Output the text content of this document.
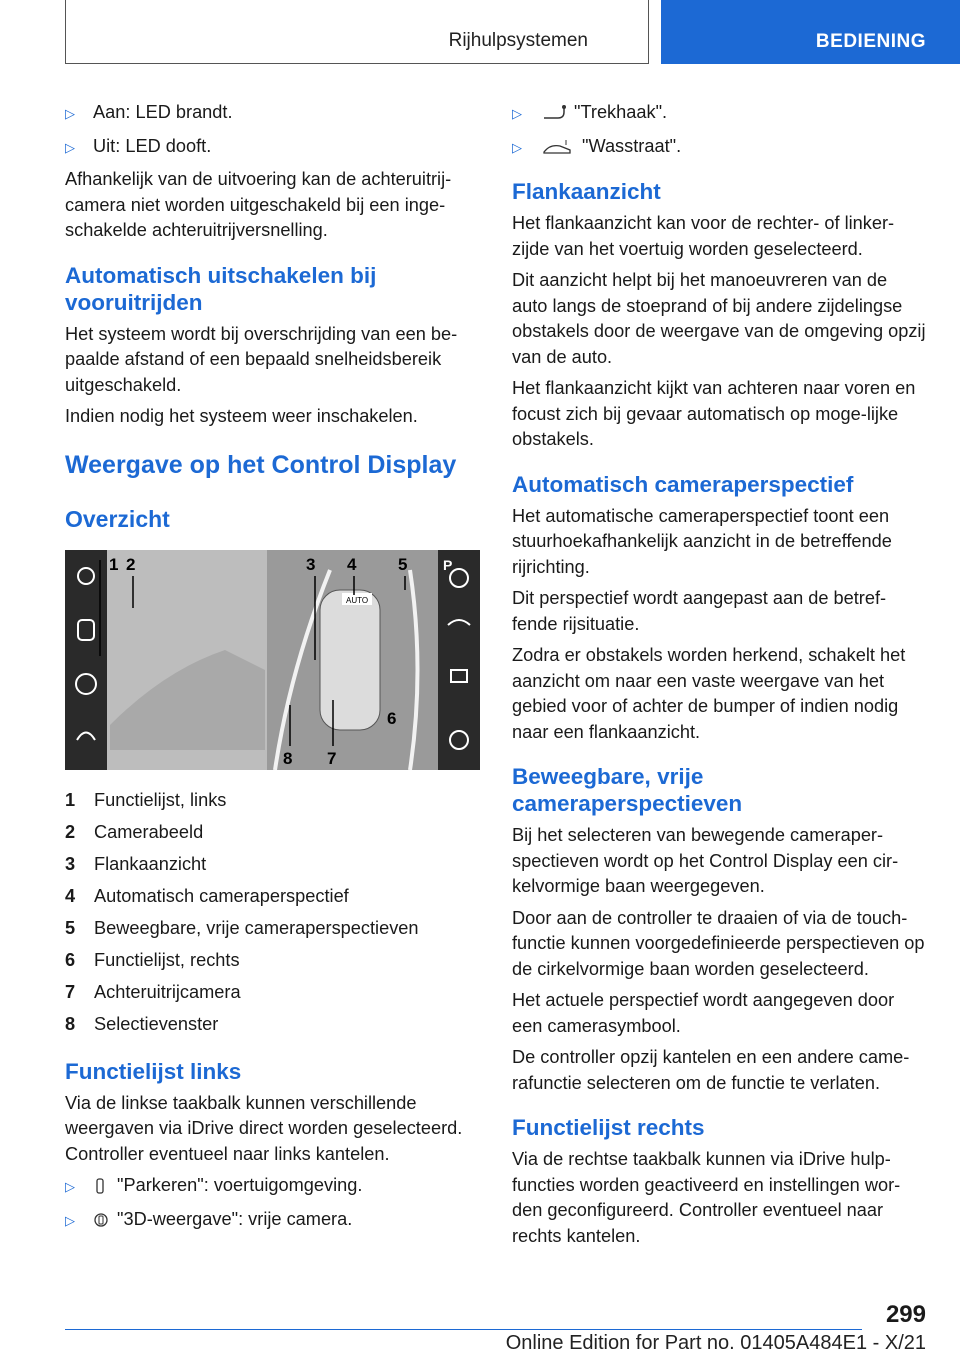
Rijhulpsystemen	BEDIENING
▷ Aan: LED brandt.
▷ Uit: LED dooft.

Afhankelijk van de uitvoering kan de achteruitrij-camera niet worden uitgeschakeld bij een inge-schakelde achteruitrijversnelling.

Automatisch uitschakelen bij vooruitrijden

Het systeem wordt bij overschrijding van een be-paalde afstand of een bepaald snelheidsbereik uitgeschakeld.

Indien nodig het systeem weer inschakelen.

Weergave op het Control Display
Overzicht
AUTO
P
1 2	3 4 5
6
7
8
1	Functielijst, links
2	Camerabeeld
3	Flankaanzicht
4	Automatisch cameraperspectief
5	Beweegbare, vrije cameraperspectieven
6	Functielijst, rechts
7	Achteruitrijcamera
8	Selectievenster
Functielijst links

Via de linkse taakbalk kunnen verschillende weergaven via iDrive direct worden geselecteerd. Controller eventueel naar links kantelen.

▷	"Parkeren": voertuigomgeving.
▷	"3D-weergave": vrije camera.
▷	"Trekhaak".
▷	"Wasstraat".
Flankaanzicht

Het flankaanzicht kan voor de rechter- of linker-zijde van het voertuig worden geselecteerd.

Dit aanzicht helpt bij het manoeuvreren van de auto langs de stoeprand of bij andere zijdelingse obstakels door de weergave van de omgeving opzij van de auto.

Het flankaanzicht kijkt van achteren naar voren en focust zich bij gevaar automatisch op moge-lijke obstakels.

Automatisch cameraperspectief

Het automatische cameraperspectief toont een stuurhoekafhankelijk aanzicht in de betreffende rijrichting.

Dit perspectief wordt aangepast aan de betref-fende rijsituatie.

Zodra er obstakels worden herkend, schakelt het aanzicht om naar een vaste weergave van het gebied voor of achter de bumper of indien nodig naar een flankaanzicht.

Beweegbare, vrije cameraperspectieven

Bij het selecteren van bewegende cameraper-spectieven wordt op het Control Display een cir-kelvormige baan weergegeven.

Door aan de controller te draaien of via de touch-functie kunnen voorgedefinieerde perspectieven op de cirkelvormige baan worden geselecteerd.

Het actuele perspectief wordt aangegeven door een camerasymbool.

De controller opzij kantelen en een andere came-rafunctie selecteren om de functie te verlaten.

Functielijst rechts

Via de rechtse taakbalk kunnen via iDrive hulp-functies worden geactiveerd en instellingen wor-den geconfigureerd. Controller eventueel naar rechts kantelen.

299
Online Edition for Part no. 01405A484E1 - X/21
